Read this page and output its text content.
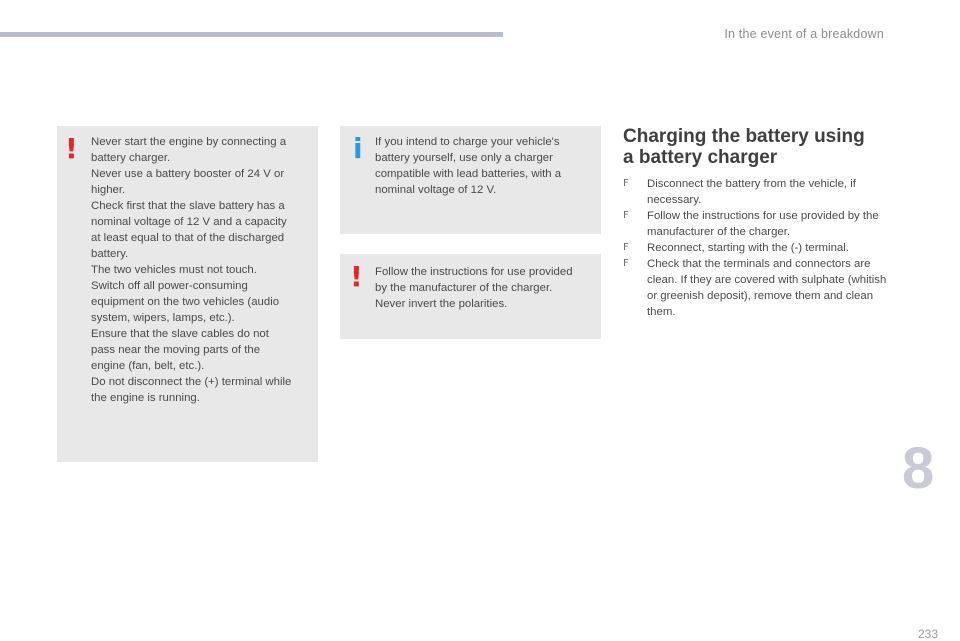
In the event of a breakdown
! Never start the engine by connecting a
battery charger.
Never use a battery booster of 24 V or
higher.
Check first that the slave battery has a
nominal voltage of 12 V and a capacity
at least equal to that of the discharged
battery.
The two vehicles must not touch.
Switch off all power-consuming
equipment on the two vehicles (audio
system, wipers, lamps, etc.).
Ensure that the slave cables do not
pass near the moving parts of the
engine (fan, belt, etc.).
Do not disconnect the (+) terminal while
the engine is running.
i If you intend to charge your vehicle's
battery yourself, use only a charger
compatible with lead batteries, with a
nominal voltage of 12 V.
! Follow the instructions for use provided
by the manufacturer of the charger.
Never invert the polarities.
Charging the battery using
a battery charger
F Disconnect the battery from the vehicle, if necessary.
F Follow the instructions for use provided by the manufacturer of the charger.
F Reconnect, starting with the (-) terminal.
F Check that the terminals and connectors are clean. If they are covered with sulphate (whitish or greenish deposit), remove them and clean them.
8
233
